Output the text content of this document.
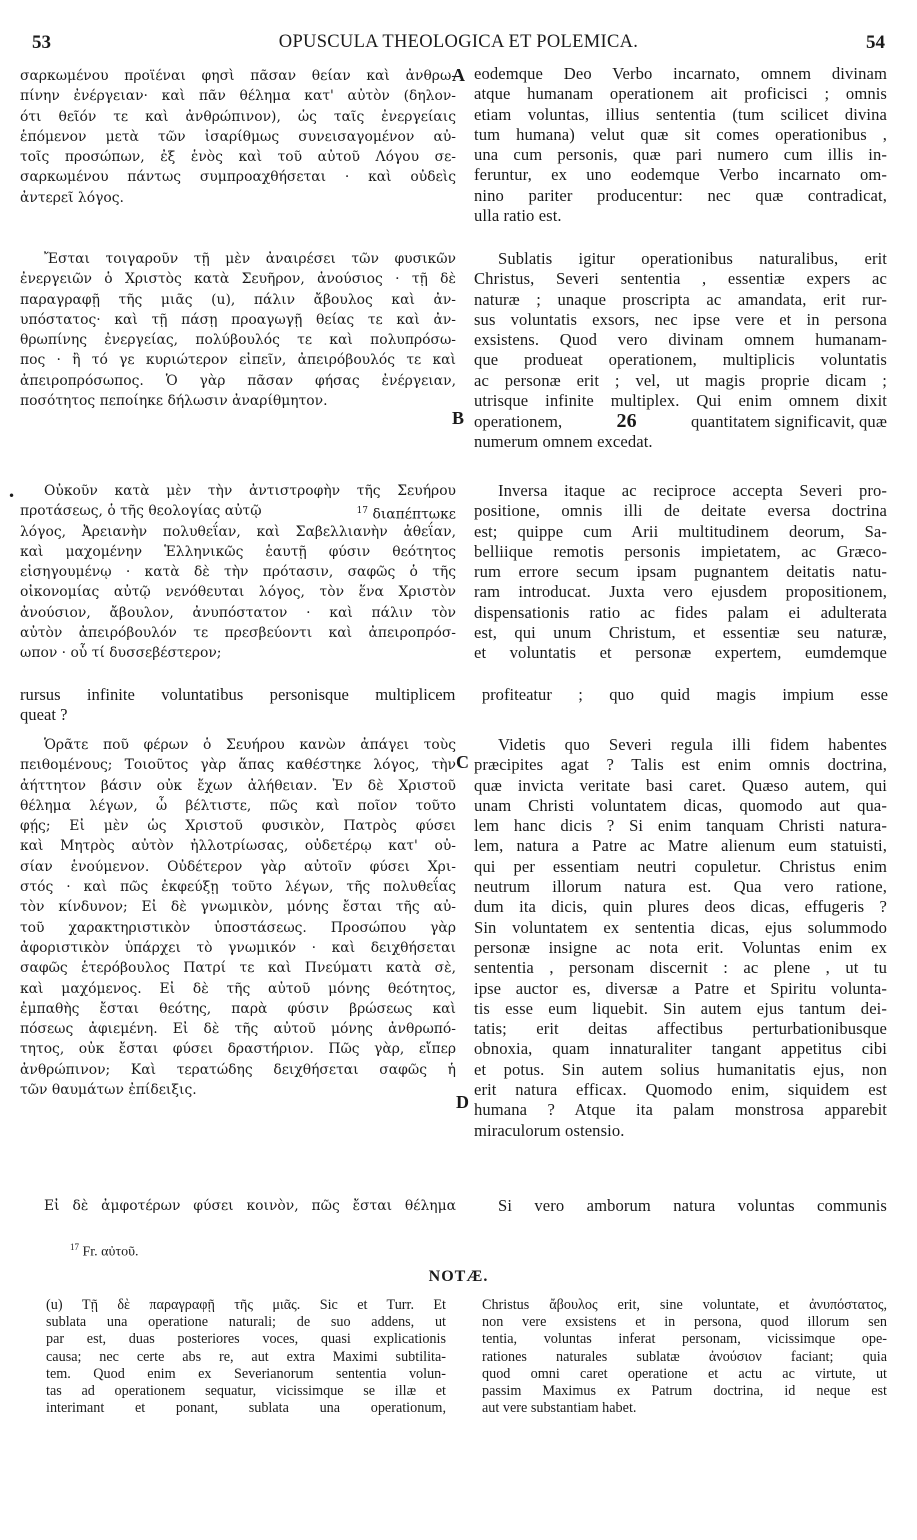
53	OPUSCULA THEOLOGICA ET POLEMICA.	54
A
B
C
D
σαρκωμένου προϊέναι φησὶ πᾶσαν θείαν καὶ ἀνθρω-
πίνην ἐνέργειαν· καὶ πᾶν θέλημα κατ' αὐτὸν (δηλον-
ότι θεῖόν τε καὶ ἀνθρώπινον), ὡς ταῖς ἐνεργείαις
ἑπόμενον μετὰ τῶν ἰσαρίθμως συνεισαγομένον αὐ-
τοῖς προσώπων, ἐξ ἑνὸς καὶ τοῦ αὐτοῦ Λόγου σε-
σαρκωμένου πάντως συμπροαχθήσεται · καὶ οὐδεὶς
ἀντερεῖ λόγος.
Ἔσται τοιγαροῦν τῇ μὲν ἀναιρέσει τῶν φυσικῶν
ἐνεργειῶν ὁ Χριστὸς κατὰ Σευῆρον, ἀνούσιος · τῇ δὲ
παραγραφῇ τῆς μιᾶς (u), πάλιν ἄβουλος καὶ ἀν-
υπόστατος· καὶ τῇ πάσῃ προαγωγῇ θείας τε καὶ ἀν-
θρωπίνης ἐνεργείας, πολύβουλός τε καὶ πολυπρόσω-
πος · ἢ τό γε κυριώτερον εἰπεῖν, ἀπειρόβουλός τε καὶ
ἀπειροπρόσωπος. Ὁ γὰρ πᾶσαν φήσας ἐνέργειαν,
ποσότητος πεποίηκε δήλωσιν ἀναρίθμητον.
•	Οὐκοῦν κατὰ μὲν τὴν ἀντιστροφὴν τῆς Σευήρου
προτάσεως, ὁ τῆς θεολογίας αὐτῷ	$^{17}$ διαπέπτωκε
λόγος, Ἀρειανὴν πολυθεΐαν, καὶ Σαβελλιανὴν ἀθεΐαν,
καὶ μαχομένην Ἑλληνικῶς ἑαυτῇ φύσιν θεότητος
εἰσηγουμένῳ · κατὰ δὲ τὴν πρότασιν, σαφῶς ὁ τῆς
οἰκονομίας αὐτῷ νενόθευται λόγος, τὸν ἕνα Χριστὸν
ἀνούσιον, ἄβουλον, ἀνυπόστατον · καὶ πάλιν τὸν
αὐτὸν ἀπειρόβουλόν τε πρεσβεύοντι καὶ ἀπειροπρόσ-
ωπον · οὗ τί δυσσεβέστερον;
rursus infinite voluntatibus personisque multiplicem profiteatur ; quo quid magis impium esse
queat ?
Ὁρᾶτε ποῦ φέρων ὁ Σευήρου κανὼν ἀπάγει τοὺς
πειθομένους; Τοιοῦτος γὰρ ἅπας καθέστηκε λόγος, τὴν
ἀήττητον βάσιν οὐκ ἔχων ἀλήθειαν. Ἐν δὲ Χριστοῦ
θέλημα λέγων, ὦ βέλτιστε, πῶς καὶ ποῖον τοῦτο
φῄς; Εἰ μὲν ὡς Χριστοῦ φυσικὸν, Πατρὸς φύσει
καὶ Μητρὸς αὐτὸν ἠλλοτρίωσας, οὐδετέρῳ κατ' οὐ-
σίαν ἑνούμενον. Οὐδέτερον γὰρ αὐτοῖν φύσει Χρι-
στός · καὶ πῶς ἐκφεύξῃ τοῦτο λέγων, τῆς πολυθεΐας
τὸν κίνδυνον; Εἰ δὲ γνωμικὸν, μόνης ἔσται τῆς αὐ-
τοῦ χαρακτηριστικὸν ὑποστάσεως. Προσώπου γὰρ
ἀφοριστικὸν ὑπάρχει τὸ γνωμικόν · καὶ δειχθήσεται
σαφῶς ἑτερόβουλος Πατρί τε καὶ Πνεύματι κατὰ σὲ,
καὶ μαχόμενος. Εἰ δὲ τῆς αὐτοῦ μόνης θεότητος,
ἐμπαθὴς ἔσται θεότης, παρὰ φύσιν βρώσεως καὶ
πόσεως ἀφιεμένη. Εἰ δὲ τῆς αὐτοῦ μόνης ἀνθρωπό-
τητος, οὐκ ἔσται φύσει δραστήριον. Πῶς γὰρ, εἴπερ
ἀνθρώπινον; Καὶ τερατώδης δειχθήσεται σαφῶς ἡ
τῶν θαυμάτων ἐπίδειξις.
Εἰ δὲ ἀμφοτέρων φύσει κοινὸν, πῶς ἔσται θέλημα
eodemque Deo Verbo incarnato, omnem divinam
atque humanam operationem ait proficisci ; omnis
etiam voluntas, illius sententia (tum scilicet divina
tum humana) velut quæ sit comes operationibus ,
una cum personis, quæ pari numero cum illis in-
feruntur, ex uno eodemque Verbo incarnato om-
nino pariter producentur: nec quæ contradicat,
ulla ratio est.
Sublatis igitur operationibus naturalibus, erit
Christus, Severi sententia , essentiæ expers ac
naturæ ; unaque proscripta ac amandata, erit rur-
sus voluntatis exsors, nec ipse vere et in persona
exsistens. Quod vero divinam omnem humanam-
que produeat operationem, multiplicis voluntatis
ac personæ erit ; vel, ut magis proprie dicam ;
utrisque infinite multiplex. Qui enim omnem dixit
operationem,	26	quantitatem significavit, quæ
numerum omnem excedat.
Inversa itaque ac reciproce accepta Severi pro-
positione, omnis illi de deitate eversa doctrina
est; quippe cum Arii multitudinem deorum, Sa-
belliique remotis personis impietatem, ac Græco-
rum errore secum ipsam pugnantem deitatis natu-
ram introducat. Juxta vero ejusdem propositionem,
dispensationis ratio ac fides palam ei adulterata
est, qui unum Christum, et essentiæ seu naturæ,
et voluntatis et personæ expertem, eumdemque
Videtis quo Severi regula illi fidem habentes
præcipites agat ? Talis est enim omnis doctrina,
quæ invicta veritate basi caret. Quæso autem, qui
unam Christi voluntatem dicas, quomodo aut qua-
lem hanc dicis ? Si enim tanquam Christi natura-
lem, natura a Patre ac Matre alienum eum statuisti,
qui per essentiam neutri copuletur. Christus enim
neutrum illorum natura est. Qua vero ratione,
dum ita dicis, quin plures deos dicas, effugeris ?
Sin voluntatem ex sententia dicas, ejus solummodo
personæ insigne ac nota erit. Voluntas enim ex
sententia , personam discernit : ac plene , ut tu
ipse auctor es, diversæ a Patre et Spiritu volunta-
tis esse eum liquebit. Sin autem ejus tantum dei-
tatis; erit deitas affectibus perturbationibusque
obnoxia, quam innaturaliter tangant appetitus cibi
et potus. Sin autem solius humanitatis ejus, non
erit natura efficax. Quomodo enim, siquidem est
humana ? Atque ita palam monstrosa apparebit
miraculorum ostensio.
Si vero amborum natura voluntas communis
$^{17}$ Fr. αὐτοῦ.
NOTÆ.
(u) Τῇ δὲ παραγραφῇ τῆς μιᾶς. Sic et Turr. Et
sublata una operatione naturali; de suo addens, ut
par est, duas posteriores voces, quasi explicationis
causa; nec certe abs re, aut extra Maximi subtilita-
tem. Quod enim ex Severianorum sententia volun-
tas ad operationem sequatur, vicissimque se illæ et
interimant et ponant, sublata una operationum,
Christus ἄβουλος erit, sine voluntate, et ἀνυπόστατος,
non vere exsistens et in persona, quod illorum sen
tentia, voluntas inferat personam, vicissimque ope-
rationes naturales sublatæ ἀνούσιον faciant; quia
quod omni caret operatione et actu ac virtute, ut
passim Maximus ex Patrum doctrina, id neque est
aut vere substantiam habet.
